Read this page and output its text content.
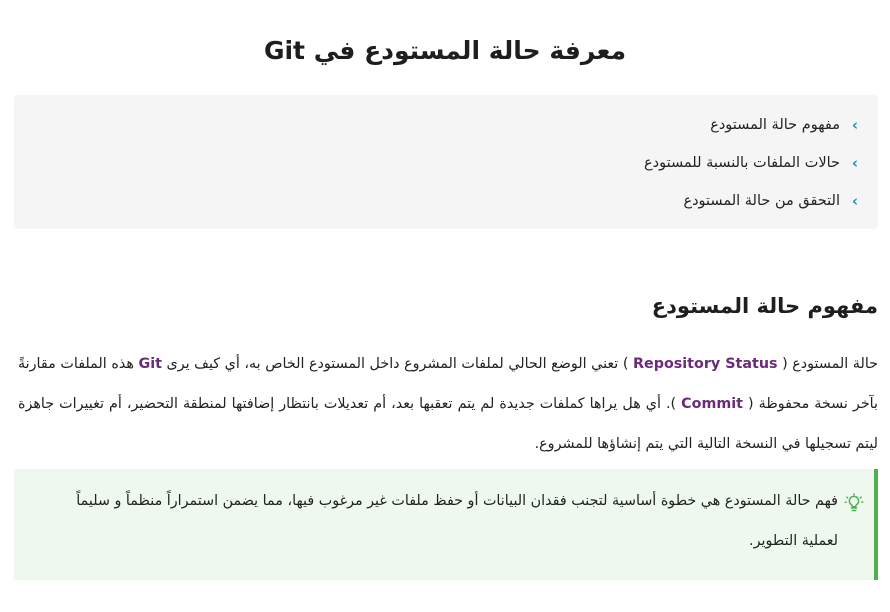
معرفة حالة المستودع في Git
›
مفهوم حالة المستودع
›
حالات الملفات بالنسبة للمستودع
›
التحقق من حالة المستودع
مفهوم حالة المستودع

حالة المستودع ( Repository Status ) تعني الوضع الحالي لملفات المشروع داخل المستودع الخاص به، أي كيف يرى Git هذه الملفات مقارنةً بآخر نسخة محفوظة ( Commit ). أي هل يراها كملفات جديدة لم يتم تعقبها بعد، أم تعديلات بانتظار إضافتها لمنطقة التحضير، أم تغييرات جاهزة ليتم تسجيلها في النسخة التالية التي يتم إنشاؤها للمشروع.

فهم حالة المستودع هي خطوة أساسية لتجنب فقدان البيانات أو حفظ ملفات غير مرغوب فيها، مما يضمن استمراراً منظماً و سليماً لعملية التطوير.
